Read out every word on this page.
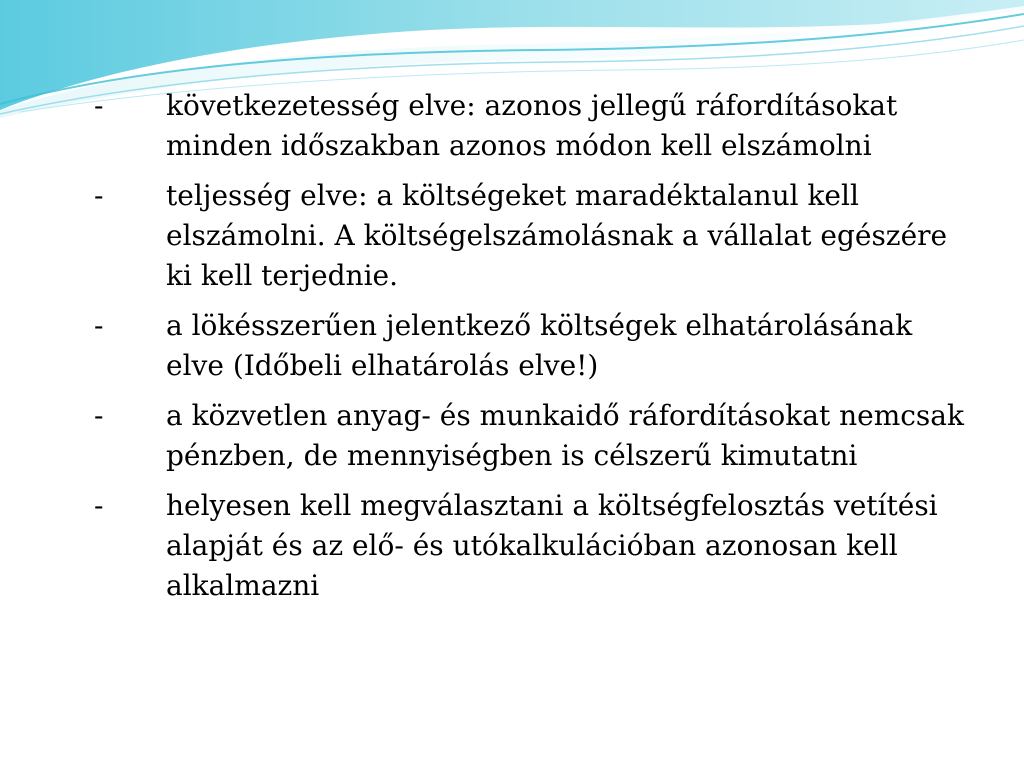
-	következetesség elve: azonos jellegű ráfordításokat minden időszakban azonos módon kell elszámolni
-	teljesség elve: a költségeket maradéktalanul kell elszámolni. A költségelszámolásnak a vállalat egészére ki kell terjednie.
-	a lökésszerűen jelentkező költségek elhatárolásának elve (Időbeli elhatárolás elve!)
-	a közvetlen anyag- és munkaidő ráfordításokat nemcsak pénzben, de mennyiségben is célszerű kimutatni
-	helyesen kell megválasztani a költségfelosztás vetítési alapját és az elő- és utókalkulációban azonosan kell alkalmazni
